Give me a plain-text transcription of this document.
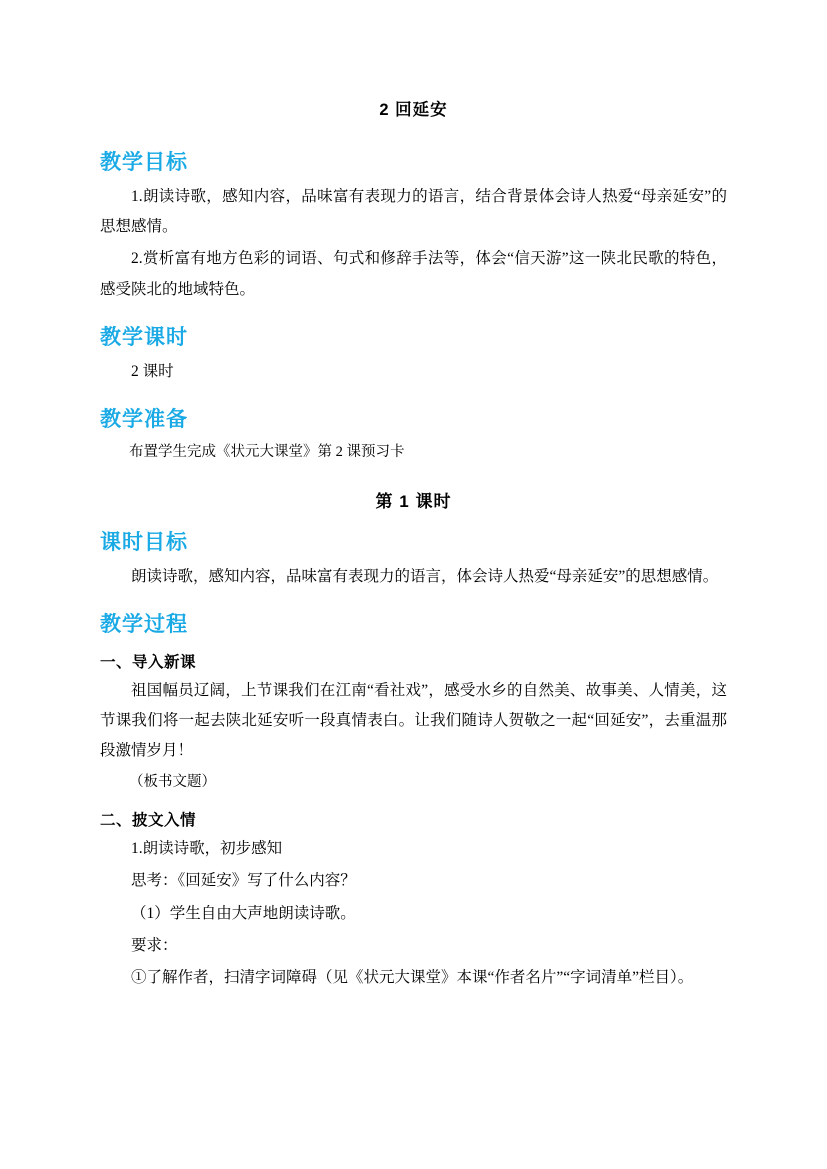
2 回延安
教学目标

1.朗读诗歌，感知内容，品味富有表现力的语言，结合背景体会诗人热爱“母亲延安”的思想感情。

2.赏析富有地方色彩的词语、句式和修辞手法等，体会“信天游”这一陕北民歌的特色，感受陕北的地域特色。

教学课时

2 课时

教学准备

布置学生完成《状元大课堂》第 2 课预习卡

第 1 课时
课时目标

朗读诗歌，感知内容，品味富有表现力的语言，体会诗人热爱“母亲延安”的思想感情。

教学过程
一、导入新课

祖国幅员辽阔，上节课我们在江南“看社戏”，感受水乡的自然美、故事美、人情美，这节课我们将一起去陕北延安听一段真情表白。让我们随诗人贺敬之一起“回延安”，去重温那段激情岁月！

（板书文题）

二、披文入情

1.朗读诗歌，初步感知

思考：《回延安》写了什么内容？

（1）学生自由大声地朗读诗歌。

要求：

①了解作者，扫清字词障碍（见《状元大课堂》本课“作者名片”“字词清单”栏目）。
